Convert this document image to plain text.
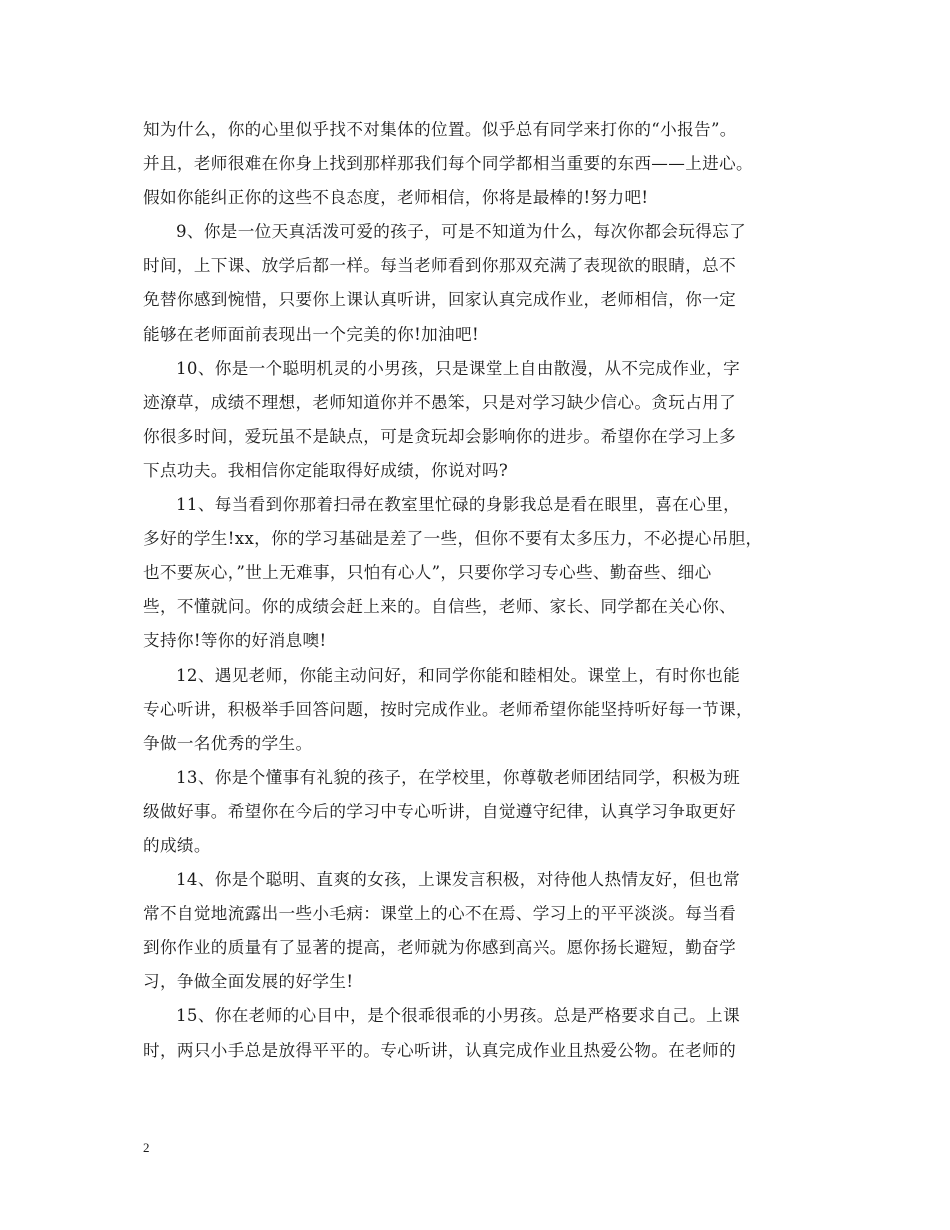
知为什么，你的心里似乎找不对集体的位置。似乎总有同学来打你的“小报告”。
并且，老师很难在你身上找到那样那我们每个同学都相当重要的东西——上进心。
假如你能纠正你的这些不良态度，老师相信，你将是最棒的!努力吧!
9、你是一位天真活泼可爱的孩子，可是不知道为什么，每次你都会玩得忘了
时间，上下课、放学后都一样。每当老师看到你那双充满了表现欲的眼睛，总不
免替你感到惋惜，只要你上课认真听讲，回家认真完成作业，老师相信，你一定
能够在老师面前表现出一个完美的你!加油吧!
10、你是一个聪明机灵的小男孩，只是课堂上自由散漫，从不完成作业，字
迹潦草，成绩不理想，老师知道你并不愚笨，只是对学习缺少信心。贪玩占用了
你很多时间，爱玩虽不是缺点，可是贪玩却会影响你的进步。希望你在学习上多
下点功夫。我相信你定能取得好成绩，你说对吗?
11、每当看到你那着扫帚在教室里忙碌的身影我总是看在眼里，喜在心里，
多好的学生!xx，你的学习基础是差了一些，但你不要有太多压力，不必提心吊胆，
也不要灰心，”世上无难事，只怕有心人”，只要你学习专心些、勤奋些、细心
些，不懂就问。你的成绩会赶上来的。自信些，老师、家长、同学都在关心你、
支持你!等你的好消息噢!
12、遇见老师，你能主动问好，和同学你能和睦相处。课堂上，有时你也能
专心听讲，积极举手回答问题，按时完成作业。老师希望你能坚持听好每一节课，
争做一名优秀的学生。
13、你是个懂事有礼貌的孩子，在学校里，你尊敬老师团结同学，积极为班
级做好事。希望你在今后的学习中专心听讲，自觉遵守纪律，认真学习争取更好
的成绩。
14、你是个聪明、直爽的女孩，上课发言积极，对待他人热情友好，但也常
常不自觉地流露出一些小毛病：课堂上的心不在焉、学习上的平平淡淡。每当看
到你作业的质量有了显著的提高，老师就为你感到高兴。愿你扬长避短，勤奋学
习，争做全面发展的好学生!
15、你在老师的心目中，是个很乖很乖的小男孩。总是严格要求自己。上课
时，两只小手总是放得平平的。专心听讲，认真完成作业且热爱公物。在老师的
2
